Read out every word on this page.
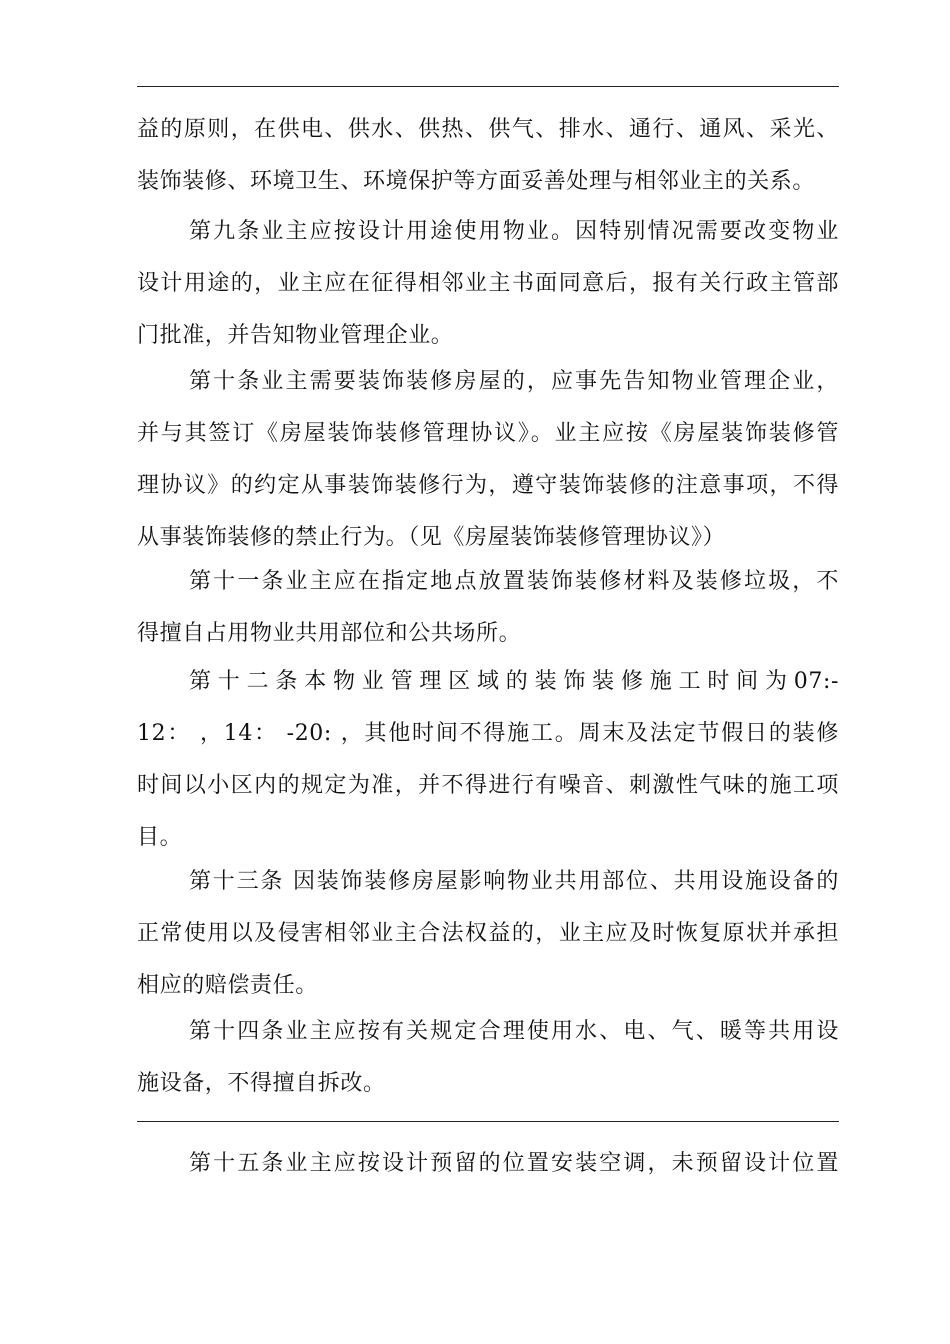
益的原则，在供电、供水、供热、供气、排水、通行、通风、采光、
装饰装修、环境卫生、环境保护等方面妥善处理与相邻业主的关系。
第九条业主应按设计用途使用物业。因特别情况需要改变物业
设计用途的，业主应在征得相邻业主书面同意后，报有关行政主管部
门批准，并告知物业管理企业。
第十条业主需要装饰装修房屋的，应事先告知物业管理企业，
并与其签订《房屋装饰装修管理协议》。业主应按《房屋装饰装修管
理协议》的约定从事装饰装修行为，遵守装饰装修的注意事项，不得
从事装饰装修的禁止行为。（见《房屋装饰装修管理协议》）
第十一条业主应在指定地点放置装饰装修材料及装修垃圾，不
得擅自占用物业共用部位和公共场所。
第十二条本物业管理区域的装饰装修施工时间为07:-
12： ，14： -20: ，其他时间不得施工。周末及法定节假日的装修
时间以小区内的规定为准，并不得进行有噪音、刺激性气味的施工项
目。
第十三条 因装饰装修房屋影响物业共用部位、共用设施设备的
正常使用以及侵害相邻业主合法权益的，业主应及时恢复原状并承担
相应的赔偿责任。
第十四条业主应按有关规定合理使用水、电、气、暖等共用设
施设备，不得擅自拆改。
第十五条业主应按设计预留的位置安装空调，未预留设计位置
